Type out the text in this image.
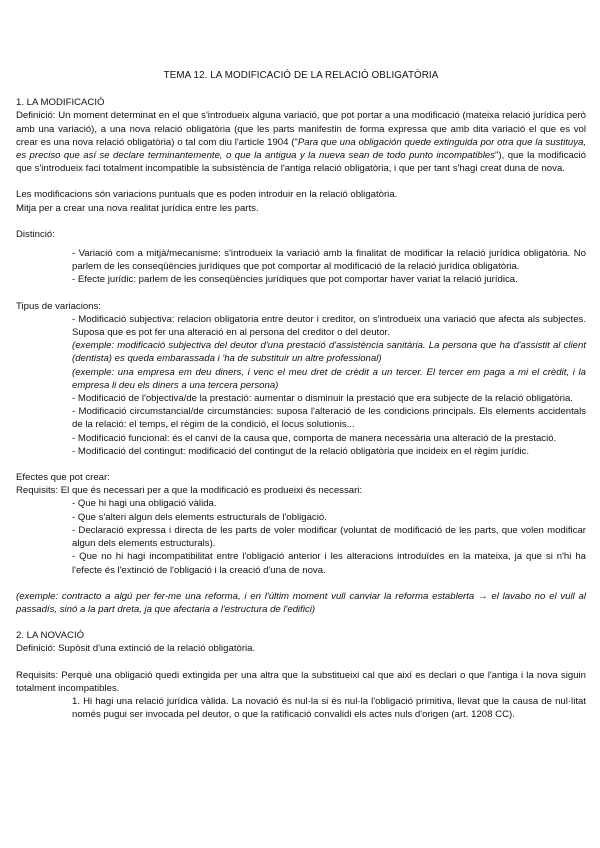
TEMA 12. LA MODIFICACIÓ DE LA RELACIÓ OBLIGATÒRIA

1. LA MODIFICACIÓ

Definició: Un moment determinat en el que s'introdueix alguna variació, que pot portar a una modificació (mateixa relació jurídica però amb una variació), a una nova relació obligatòria (que les parts manifestin de forma expressa que amb dita variació el que es vol crear es una nova relació obligatòria) o tal com diu l'article 1904 ("Para que una obligación quede extinguida por otra que la sustituya, es preciso que así se declare terminantemente, o que la antigua y la nueva sean de todo punto incompatibles"), que la modificació que s'introdueix faci totalment incompatible la subsistència de l'antiga relació obligatòria, i que per tant s'hagi creat duna de nova.

Les modificacions són variacions puntuals que es poden introduir en la relació obligatòria.

Mitja per a crear una nova realitat jurídica entre les parts.

Distinció:

- Variació com a mitjà/mecanisme: s'introdueix la variació amb la finalitat de modificar la relació jurídica obligatòria. No parlem de les conseqüències jurídiques que pot comportar al modificació de la relació jurídica obligatòria.

- Efecte jurídic: parlem de les conseqüències jurídiques que pot comportar haver variat la relació jurídica.

Tipus de variacions:

- Modificació subjectiva: relacion obligatoria entre deutor i creditor, on s'introdueix una variació que afecta als subjectes. Suposa que es pot fer una alteració en al persona del creditor o del deutor.

(exemple: modificació subjectiva del deutor d'una prestació d'assistència sanitària. La persona que ha d'assistit al client (dentista) es queda embarassada i 'ha de substituir un altre professional)

(exemple: una empresa em deu diners, i venc el meu dret de crèdit a un tercer. El tercer em paga a mi el crèdit, i la empresa li deu els diners a una tercera persona)

- Modificació de l'objectiva/de la prestació: aumentar o disminuir la prestació que era subjecte de la relació obligatòria.

- Modificació circumstancial/de circumstàncies: suposa l'alteració de les condicions principals. Els elements accidentals de la relació: el temps, el règim de la condició, el locus solutionis...

- Modificació funcional: és el canvi de la causa que, comporta de manera necessària una alteració de la prestació.

- Modificació del contingut: modificació del contingut de la relació obligatòria que incideix en el règim jurídic.

Efectes que pot crear:

Requisits: El que és necessari per a que la modificació es produeixi és necessari:

- Que hi hagi una obligació vàlida.

- Que s'alteri algun dels elements estructurals de l'obligació.

- Declaració expressa i directa de les parts de voler modificar (voluntat de modificació de les parts, que volen modificar algun dels elements estructurals).

- Que no hi hagi incompatibilitat entre l'obligació anterior i les alteracions introduïdes en la mateixa, ja que si n'hi ha l'efecte és l'extinció de l'obligació i la creació d'una de nova.

(exemple: contracto a algú per fer-me una reforma, i en l'últim moment vull canviar la reforma establerta → el lavabo no el vull al passadís, sinó a la part dreta, ja que afectaria a l'estructura de l'edifici)

2. LA NOVACIÓ

Definició: Supòsit d'una extinció de la relació obligatòria.

Requisits: Perquè una obligació quedi extingida per una altra que la substitueixi cal que així es declari o que l'antiga i la nova siguin totalment incompatibles.

1. Hi hagi una relació jurídica vàlida. La novació és nul·la si és nul·la l'obligació primitiva, llevat que la causa de nul·litat només pugui ser invocada pel deutor, o que la ratificació convalidi els actes nuls d'origen (art. 1208 CC).
